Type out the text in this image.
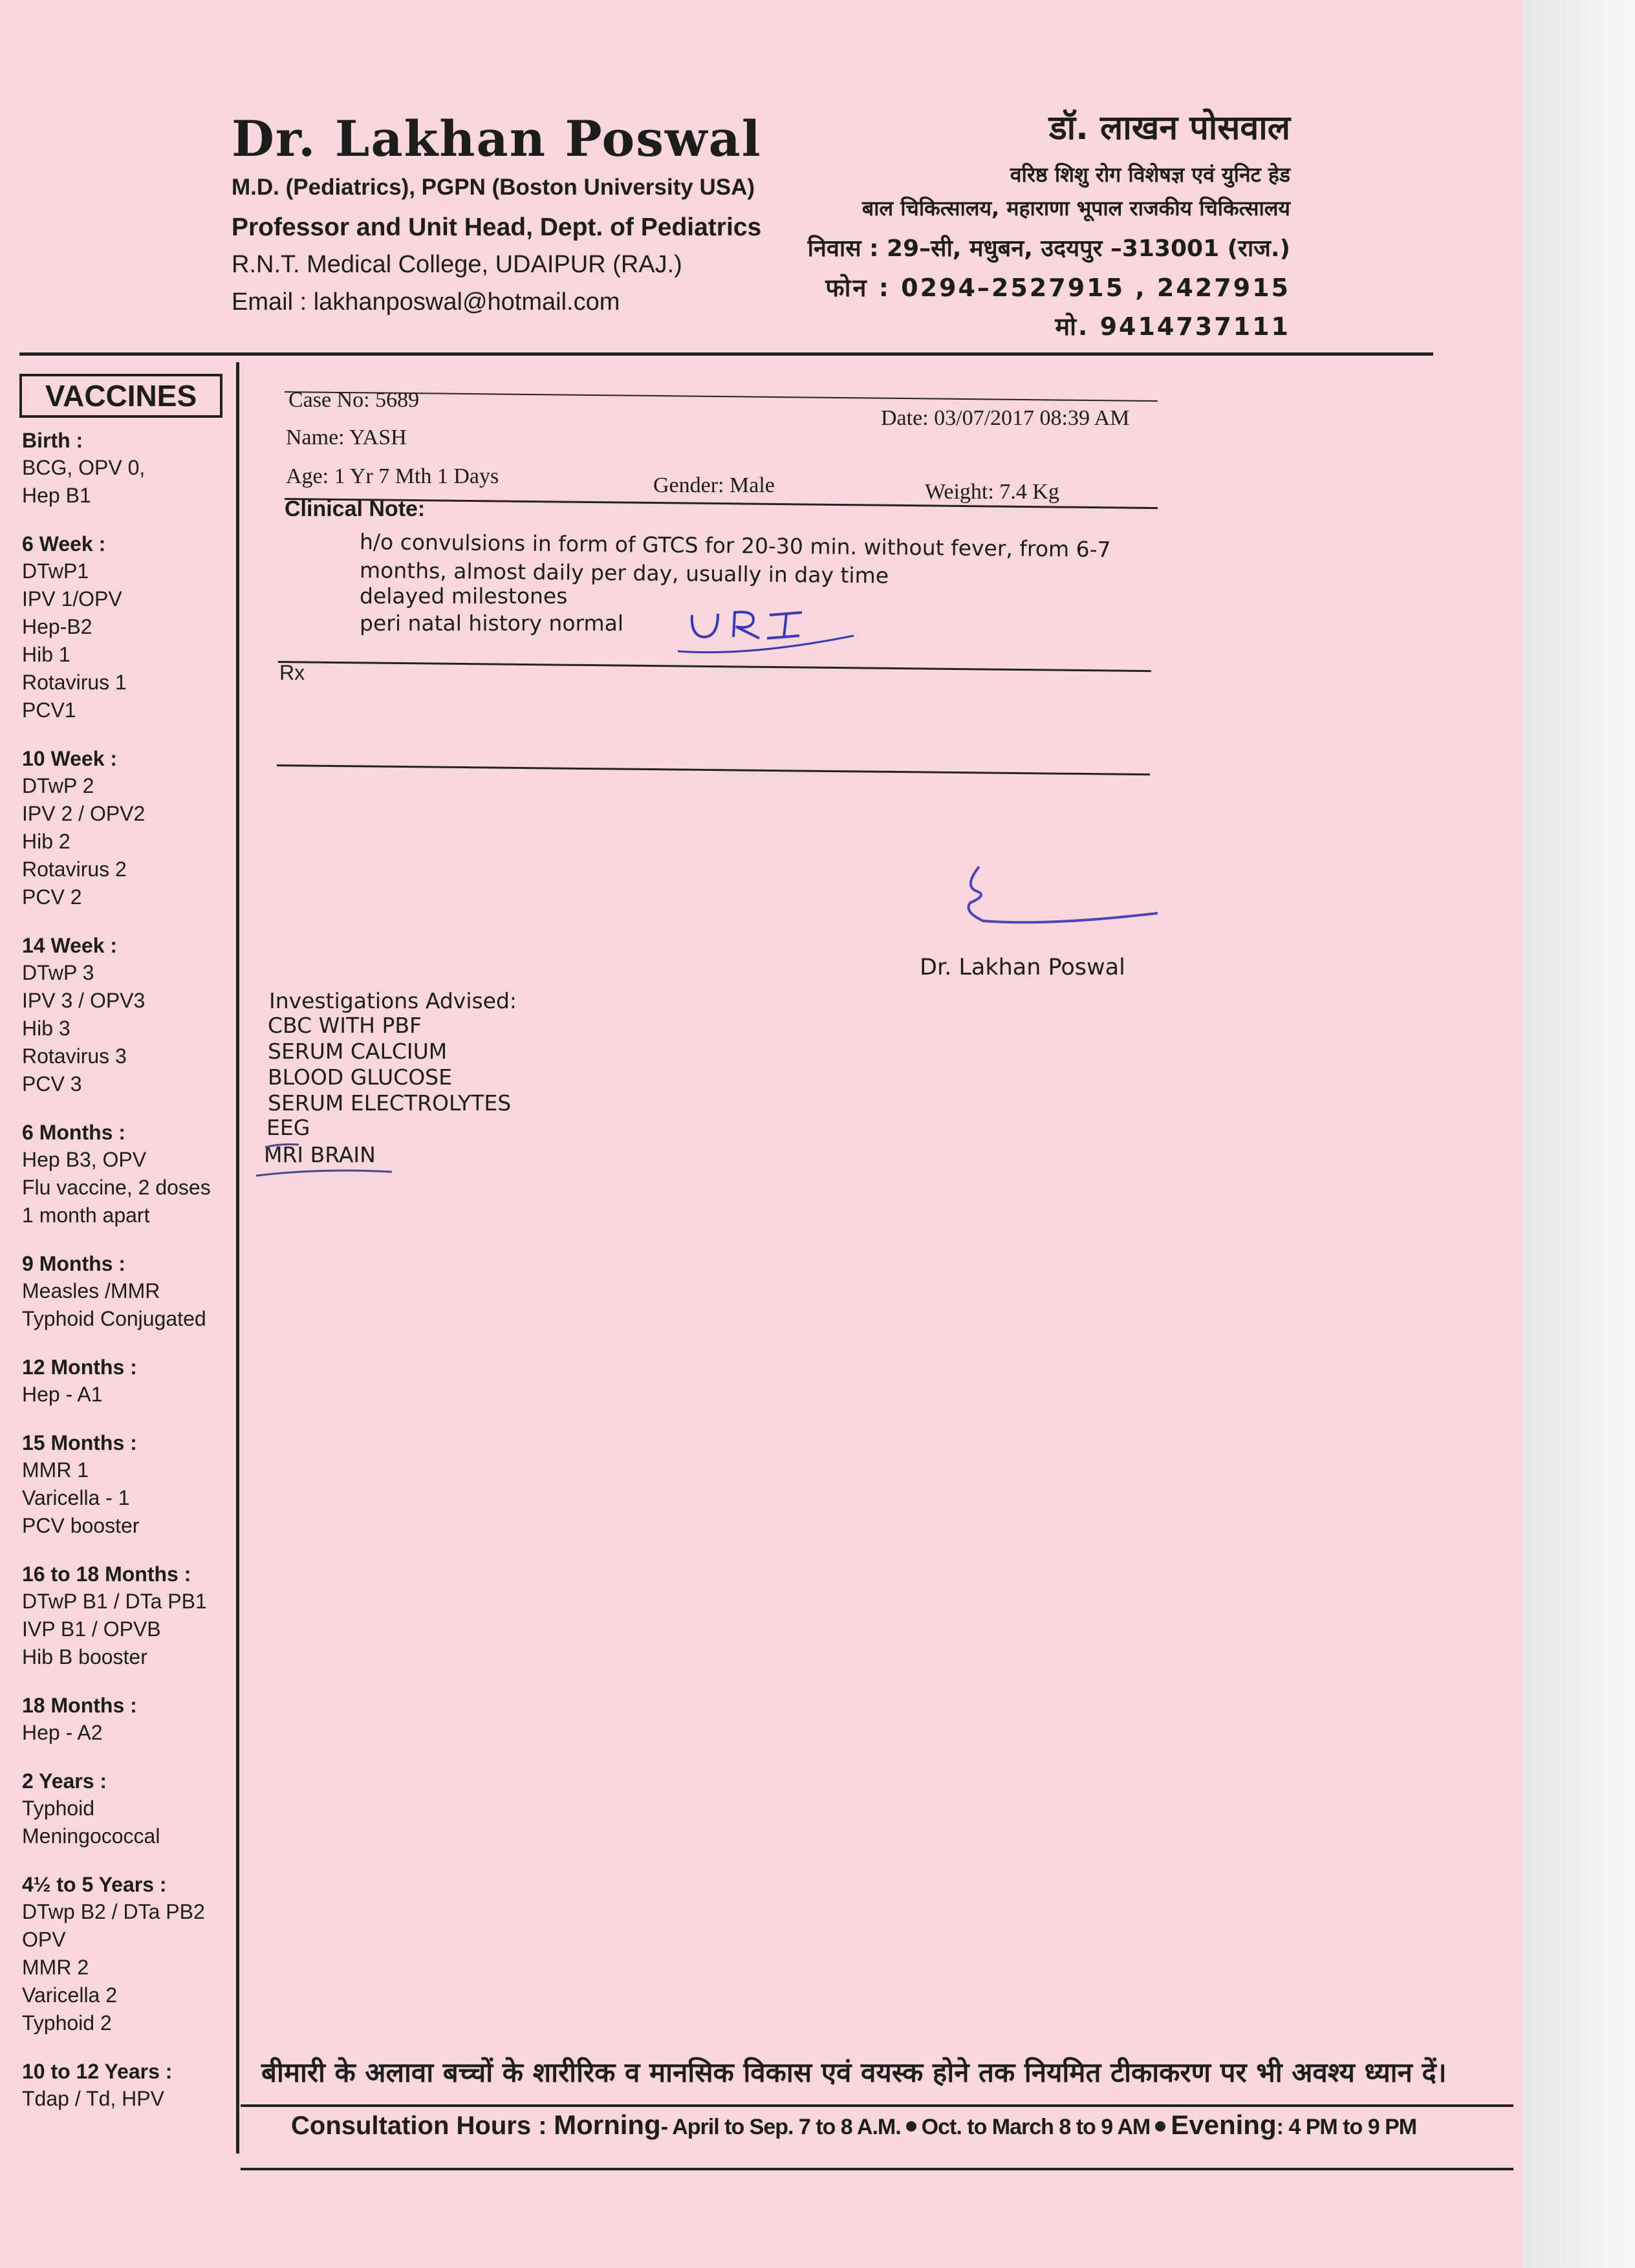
Dr. Lakhan Poswal
M.D. (Pediatrics), PGPN (Boston University USA)
Professor and Unit Head, Dept. of Pediatrics
R.N.T. Medical College, UDAIPUR (RAJ.)
Email : lakhanposwal@hotmail.com
डॉ. लाखन पोसवाल
वरिष्ठ शिशु रोग विशेषज्ञ एवं युनिट हेड
बाल चिकित्सालय, महाराणा भूपाल राजकीय चिकित्सालय
निवास : 29–सी, मधुबन, उदयपुर –313001 (राज.)
फोन : 0294–2527915 , 2427915
मो. 9414737111
VACCINES
Birth :
BCG, OPV 0,
Hep B1
6 Week :
DTwP1
IPV 1/OPV
Hep-B2
Hib 1
Rotavirus 1
PCV1
10 Week :
DTwP 2
IPV 2 / OPV2
Hib 2
Rotavirus 2
PCV 2
14 Week :
DTwP 3
IPV 3 / OPV3
Hib 3
Rotavirus 3
PCV 3
6 Months :
Hep B3, OPV
Flu vaccine, 2 doses
1 month apart
9 Months :
Measles /MMR
Typhoid Conjugated
12 Months :
Hep - A1
15 Months :
MMR 1
Varicella - 1
PCV booster
16 to 18 Months :
DTwP B1 / DTa PB1
IVP B1 / OPVB
Hib B booster
18 Months :
Hep - A2
2 Years :
Typhoid
Meningococcal
4½ to 5 Years :
DTwp B2 / DTa PB2
OPV
MMR 2
Varicella 2
Typhoid 2
10 to 12 Years :
Tdap / Td, HPV
Case No: 5689
Date: 03/07/2017 08:39 AM
Name: YASH
Age: 1 Yr 7 Mth 1 Days	Gender: Male	Weight: 7.4 Kg
Clinical Note:
h/o convulsions in form of GTCS for 20-30 min. without fever, from 6-7
months, almost daily per day, usually in day time
delayed milestones
peri natal history normal
Rx
Dr. Lakhan Poswal
Investigations Advised:
CBC WITH PBF
SERUM CALCIUM
BLOOD GLUCOSE
SERUM ELECTROLYTES
EEG
MRI BRAIN
बीमारी के अलावा बच्चों के शारीरिक व मानसिक विकास एवं वयस्क होने तक नियमित टीकाकरण पर भी अवश्य ध्यान दें।
Consultation Hours : Morning- April to Sep. 7 to 8 A.M. Oct. to March 8 to 9 AM Evening: 4 PM to 9 PM
